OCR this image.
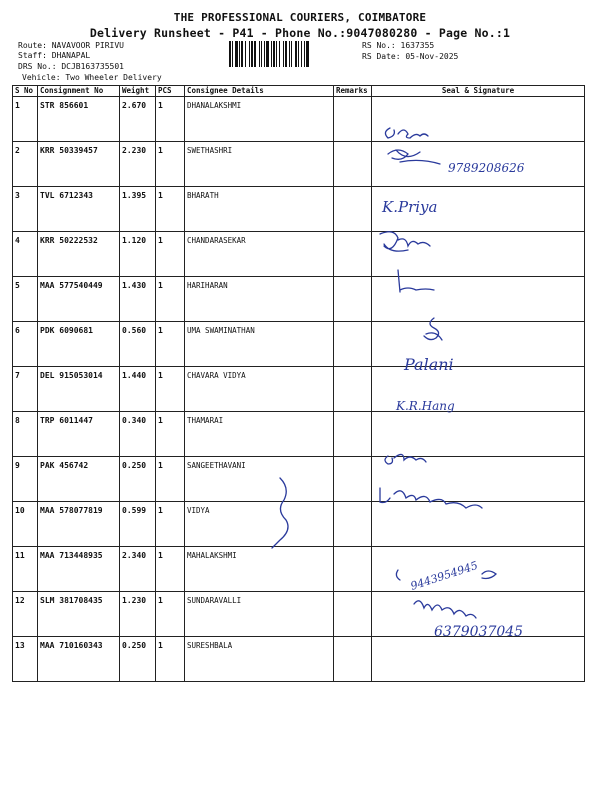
THE PROFESSIONAL COURIERS, COIMBATORE
Delivery Runsheet - P41 - Phone No.:9047080280 - Page No.:1
Route: NAVAVOOR PIRIVU
Staff: DHANAPAL
DRS No.: DCJB163735501
Vehicle: Two Wheeler Delivery
RS No.: 1637355
RS Date: 05-Nov-2025
S No	Consignment No	Weight	PCS	Consignee Details	Remarks	Seal & Signature
1	STR 856601	2.670	1	DHANALAKSHMI		
2	KRR 50339457	2.230	1	SWETHASHRI		
3	TVL 6712343	1.395	1	BHARATH		
4	KRR 50222532	1.120	1	CHANDARASEKAR		
5	MAA 577540449	1.430	1	HARIHARAN		
6	PDK 6090681	0.560	1	UMA SWAMINATHAN		
7	DEL 915053014	1.440	1	CHAVARA VIDYA		
8	TRP 6011447	0.340	1	THAMARAI		
9	PAK 456742	0.250	1	SANGEETHAVANI		
10	MAA 578077819	0.599	1	VIDYA		
11	MAA 713448935	2.340	1	MAHALAKSHMI		
12	SLM 381708435	1.230	1	SUNDARAVALLI		
13	MAA 710160343	0.250	1	SURESHBALA		
9789208626
K.Priya
Palani
K.R.Hang
9443954945
6379037045
